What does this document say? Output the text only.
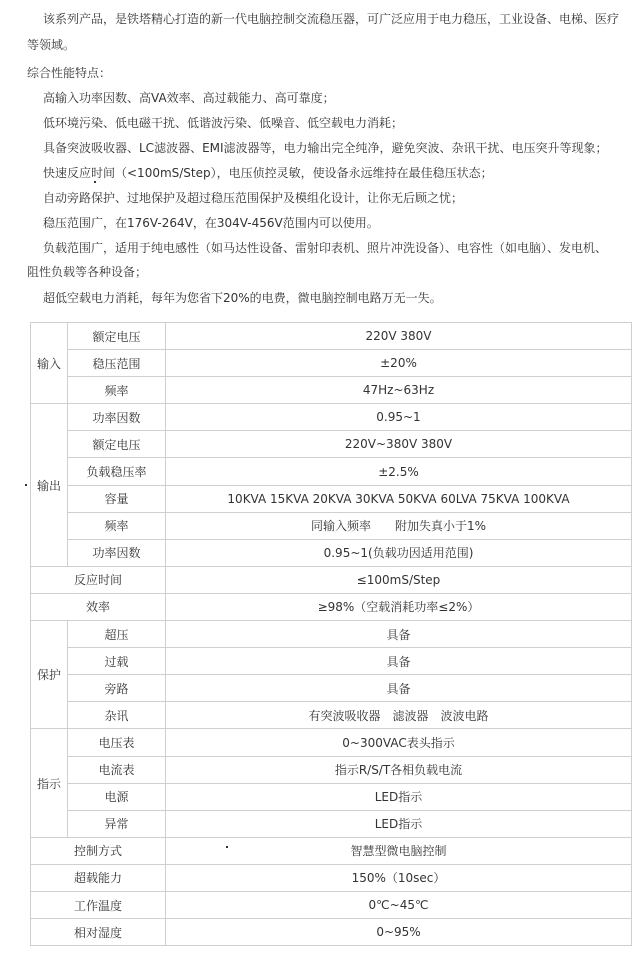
该系列产品，是铁塔精心打造的新一代电脑控制交流稳压器，可广泛应用于电力稳压，工业设备、电梯、医疗
等领域。
综合性能特点：
高输入功率因数、高VA效率、高过载能力、高可靠度；
低环境污染、低电磁干扰、低谐波污染、低噪音、低空载电力消耗；
具备突波吸收器、LC滤波器、EMI滤波器等，电力输出完全纯净，避免突波、杂讯干扰、电压突升等现象；
快速反应时间（<100mS/Step），电压侦控灵敏，使设备永远维持在最佳稳压状态；
自动旁路保护、过地保护及超过稳压范围保护及模组化设计，让你无后顾之忧；
稳压范围广，在176V-264V，在304V-456V范围内可以使用。
负载范围广，适用于纯电感性（如马达性设备、雷射印表机、照片冲洗设备）、电容性（如电脑）、发电机、
阻性负载等各种设备；
超低空载电力消耗，每年为您省下20%的电费，微电脑控制电路万无一失。
输入	额定电压	220V 380V
	稳压范围	±20%
	频率	47Hz~63Hz
输出	功率因数	0.95~1
	额定电压	220V~380V 380V
	负载稳压率	±2.5%
	容量	10KVA 15KVA 20KVA 30KVA 50KVA 60LVA 75KVA 100KVA
	频率	同输入频率　　附加失真小于1%
	功率因数	0.95~1(负载功因适用范围)
反应时间		≤100mS/Step
效率		≥98%（空载消耗功率≤2%）
保护	超压	具备
	过载	具备
	旁路	具备
	杂讯	有突波吸收器　滤波器　波波电路
指示	电压表	0~300VAC表头指示
	电流表	指示R/S/T各相负载电流
	电源	LED指示
	异常	LED指示
控制方式		智慧型微电脑控制
超载能力		150%（10sec）
工作温度		0℃~45℃
相对湿度		0~95%
